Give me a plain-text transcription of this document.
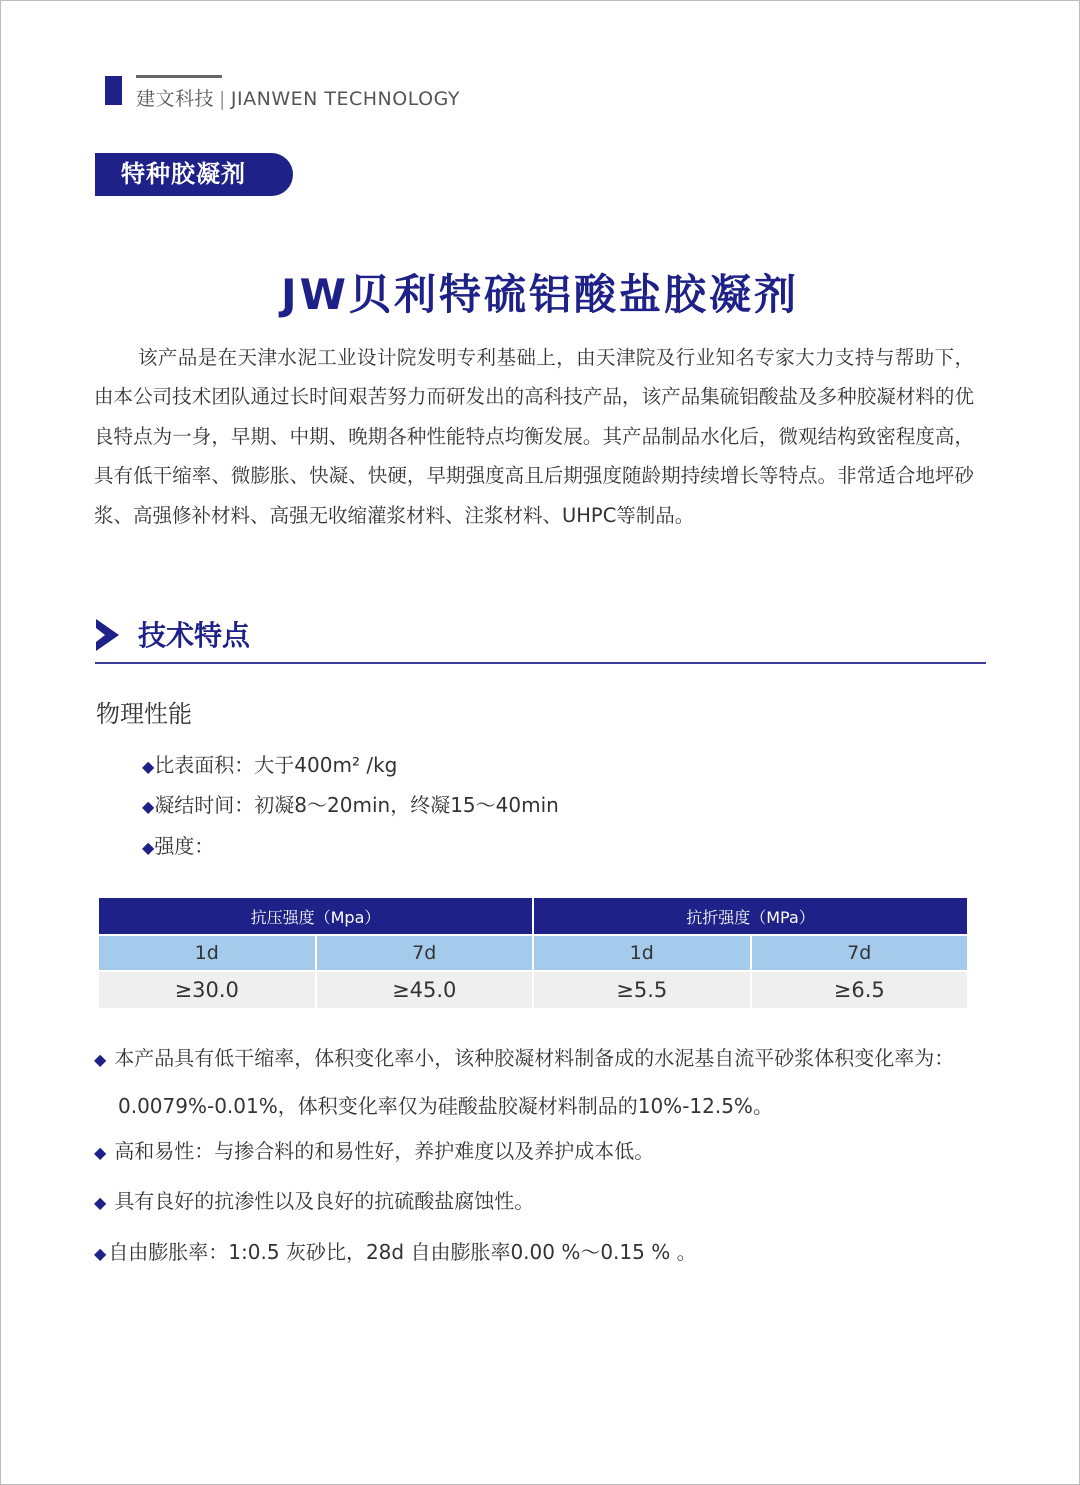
建文科技 | JIANWEN TECHNOLOGY
特种胶凝剂
JW贝利特硫铝酸盐胶凝剂
该产品是在天津水泥工业设计院发明专利基础上，由天津院及行业知名专家大力支持与帮助下，由本公司技术团队通过长时间艰苦努力而研发出的高科技产品，该产品集硫铝酸盐及多种胶凝材料的优良特点为一身，早期、中期、晚期各种性能特点均衡发展。其产品制品水化后，微观结构致密程度高，具有低干缩率、微膨胀、快凝、快硬，早期强度高且后期强度随龄期持续增长等特点。非常适合地坪砂浆、高强修补材料、高强无收缩灌浆材料、注浆材料、UHPC等制品。
技术特点
物理性能
◆比表面积：大于400m² /kg
◆凝结时间：初凝8～20min，终凝15～40min
◆强度：
抗压强度（Mpa）		抗折强度（MPa）	
1d	7d	1d	7d
≥30.0	≥45.0	≥5.5	≥6.5
◆ 本产品具有低干缩率，体积变化率小，该种胶凝材料制备成的水泥基自流平砂浆体积变化率为：0.0079%-0.01%，体积变化率仅为硅酸盐胶凝材料制品的10%-12.5%。
◆ 高和易性：与掺合料的和易性好，养护难度以及养护成本低。
◆ 具有良好的抗渗性以及良好的抗硫酸盐腐蚀性。
◆ 自由膨胀率：1:0.5 灰砂比，28d 自由膨胀率0.00 %～0.15 % 。
